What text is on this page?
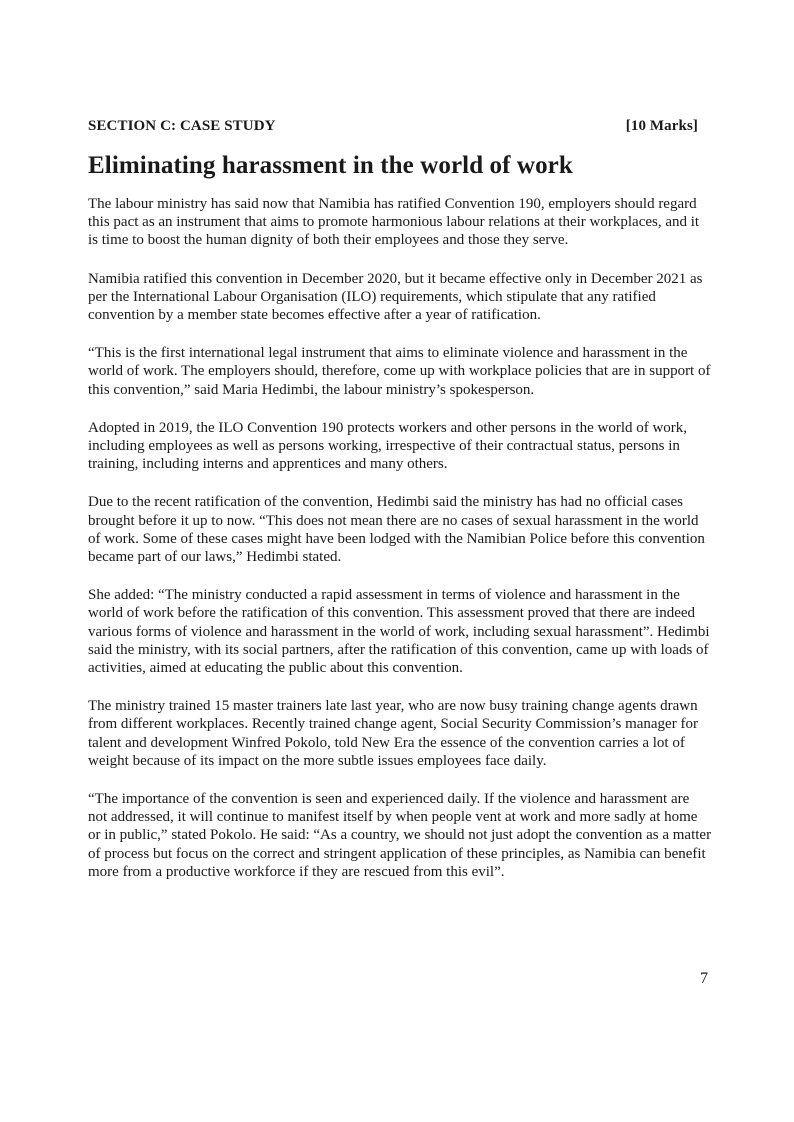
SECTION C: CASE STUDY	[10 Marks]
Eliminating harassment in the world of work

The labour ministry has said now that Namibia has ratified Convention 190, employers should regard this pact as an instrument that aims to promote harmonious labour relations at their workplaces, and it is time to boost the human dignity of both their employees and those they serve.

Namibia ratified this convention in December 2020, but it became effective only in December 2021 as per the International Labour Organisation (ILO) requirements, which stipulate that any ratified convention by a member state becomes effective after a year of ratification.

“This is the first international legal instrument that aims to eliminate violence and harassment in the world of work. The employers should, therefore, come up with workplace policies that are in support of this convention,” said Maria Hedimbi, the labour ministry’s spokesperson.

Adopted in 2019, the ILO Convention 190 protects workers and other persons in the world of work, including employees as well as persons working, irrespective of their contractual status, persons in training, including interns and apprentices and many others.

Due to the recent ratification of the convention, Hedimbi said the ministry has had no official cases brought before it up to now. “This does not mean there are no cases of sexual harassment in the world of work. Some of these cases might have been lodged with the Namibian Police before this convention became part of our laws,” Hedimbi stated.

She added: “The ministry conducted a rapid assessment in terms of violence and harassment in the world of work before the ratification of this convention. This assessment proved that there are indeed various forms of violence and harassment in the world of work, including sexual harassment”. Hedimbi said the ministry, with its social partners, after the ratification of this convention, came up with loads of activities, aimed at educating the public about this convention.

The ministry trained 15 master trainers late last year, who are now busy training change agents drawn from different workplaces. Recently trained change agent, Social Security Commission’s manager for talent and development Winfred Pokolo, told New Era the essence of the convention carries a lot of weight because of its impact on the more subtle issues employees face daily.

“The importance of the convention is seen and experienced daily. If the violence and harassment are not addressed, it will continue to manifest itself by when people vent at work and more sadly at home or in public,” stated Pokolo. He said: “As a country, we should not just adopt the convention as a matter of process but focus on the correct and stringent application of these principles, as Namibia can benefit more from a productive workforce if they are rescued from this evil”.

7
